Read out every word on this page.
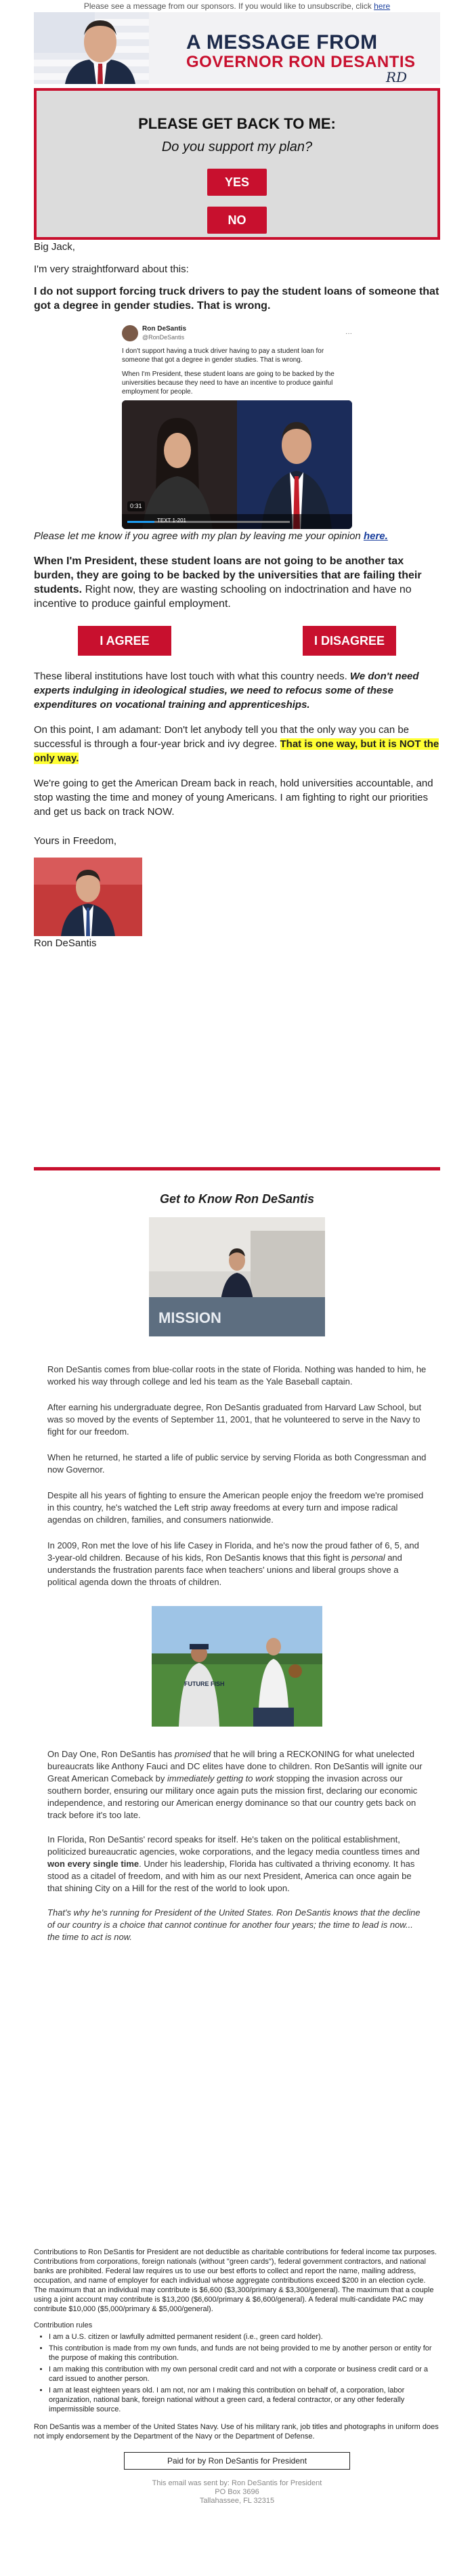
Please see a message from our sponsors. If you would like to unsubscribe, click here
A MESSAGE FROM
GOVERNOR RON DESANTIS
RD
PLEASE GET BACK TO ME:
Do you support my plan?
YES
NO

Big Jack,

I'm very straightforward about this:

I do not support forcing truck drivers to pay the student loans of someone that got a degree in gender studies. That is wrong.

Ron DeSantis
@RonDeSantis
···
I don't support having a truck driver having to pay a student loan for someone that got a degree in gender studies. That is wrong.
When I'm President, these student loans are going to be backed by the universities because they need to have an incentive to produce gainful employment for people.
0:31
TEXT 1-201

Please let me know if you agree with my plan by leaving me your opinion here.

When I'm President, these student loans are not going to be another tax burden, they are going to be backed by the universities that are failing their students. Right now, they are wasting schooling on indoctrination and have no incentive to produce gainful employment.

I AGREE	I DISAGREE

These liberal institutions have lost touch with what this country needs. We don't need experts indulging in ideological studies, we need to refocus some of these expenditures on vocational training and apprenticeships.

On this point, I am adamant: Don't let anybody tell you that the only way you can be successful is through a four-year brick and ivy degree. That is one way, but it is NOT the only way.

We're going to get the American Dream back in reach, hold universities accountable, and stop wasting the time and money of young Americans. I am fighting to right our priorities and get us back on track NOW.

Yours in Freedom,

Ron DeSantis

Get to Know Ron DeSantis
MISSION

Ron DeSantis comes from blue-collar roots in the state of Florida. Nothing was handed to him, he worked his way through college and led his team as the Yale Baseball captain.

After earning his undergraduate degree, Ron DeSantis graduated from Harvard Law School, but was so moved by the events of September 11, 2001, that he volunteered to serve in the Navy to fight for our freedom.

When he returned, he started a life of public service by serving Florida as both Congressman and now Governor.

Despite all his years of fighting to ensure the American people enjoy the freedom we're promised in this country, he's watched the Left strip away freedoms at every turn and impose radical agendas on children, families, and consumers nationwide.

In 2009, Ron met the love of his life Casey in Florida, and he's now the proud father of 6, 5, and 3-year-old children. Because of his kids, Ron DeSantis knows that this fight is personal and understands the frustration parents face when teachers' unions and liberal groups shove a political agenda down the throats of children.

FUTURE FISH

On Day One, Ron DeSantis has promised that he will bring a RECKONING for what unelected bureaucrats like Anthony Fauci and DC elites have done to children. Ron DeSantis will ignite our Great American Comeback by immediately getting to work stopping the invasion across our southern border, ensuring our military once again puts the mission first, declaring our economic independence, and restoring our American energy dominance so that our country gets back on track before it's too late.

In Florida, Ron DeSantis' record speaks for itself. He's taken on the political establishment, politicized bureaucratic agencies, woke corporations, and the legacy media countless times and won every single time. Under his leadership, Florida has cultivated a thriving economy. It has stood as a citadel of freedom, and with him as our next President, America can once again be that shining City on a Hill for the rest of the world to look upon.

That's why he's running for President of the United States. Ron DeSantis knows that the decline of our country is a choice that cannot continue for another four years; the time to lead is now... the time to act is now.

Contributions to Ron DeSantis for President are not deductible as charitable contributions for federal income tax purposes. Contributions from corporations, foreign nationals (without "green cards"), federal government contractors, and national banks are prohibited. Federal law requires us to use our best efforts to collect and report the name, mailing address, occupation, and name of employer for each individual whose aggregate contributions exceed $200 in an election cycle. The maximum that an individual may contribute is $6,600 ($3,300/primary & $3,300/general). The maximum that a couple using a joint account may contribute is $13,200 ($6,600/primary & $6,600/general). A federal multi-candidate PAC may contribute $10,000 ($5,000/primary & $5,000/general).

Contribution rules

• I am a U.S. citizen or lawfully admitted permanent resident (i.e., green card holder).
• This contribution is made from my own funds, and funds are not being provided to me by another person or entity for the purpose of making this contribution.
• I am making this contribution with my own personal credit card and not with a corporate or business credit card or a card issued to another person.
• I am at least eighteen years old. I am not, nor am I making this contribution on behalf of, a corporation, labor organization, national bank, foreign national without a green card, a federal contractor, or any other federally impermissible source.

Ron DeSantis was a member of the United States Navy. Use of his military rank, job titles and photographs in uniform does not imply endorsement by the Department of the Navy or the Department of Defense.

Paid for by Ron DeSantis for President
This email was sent by: Ron DeSantis for President
PO Box 3696
Tallahassee, FL 32315
